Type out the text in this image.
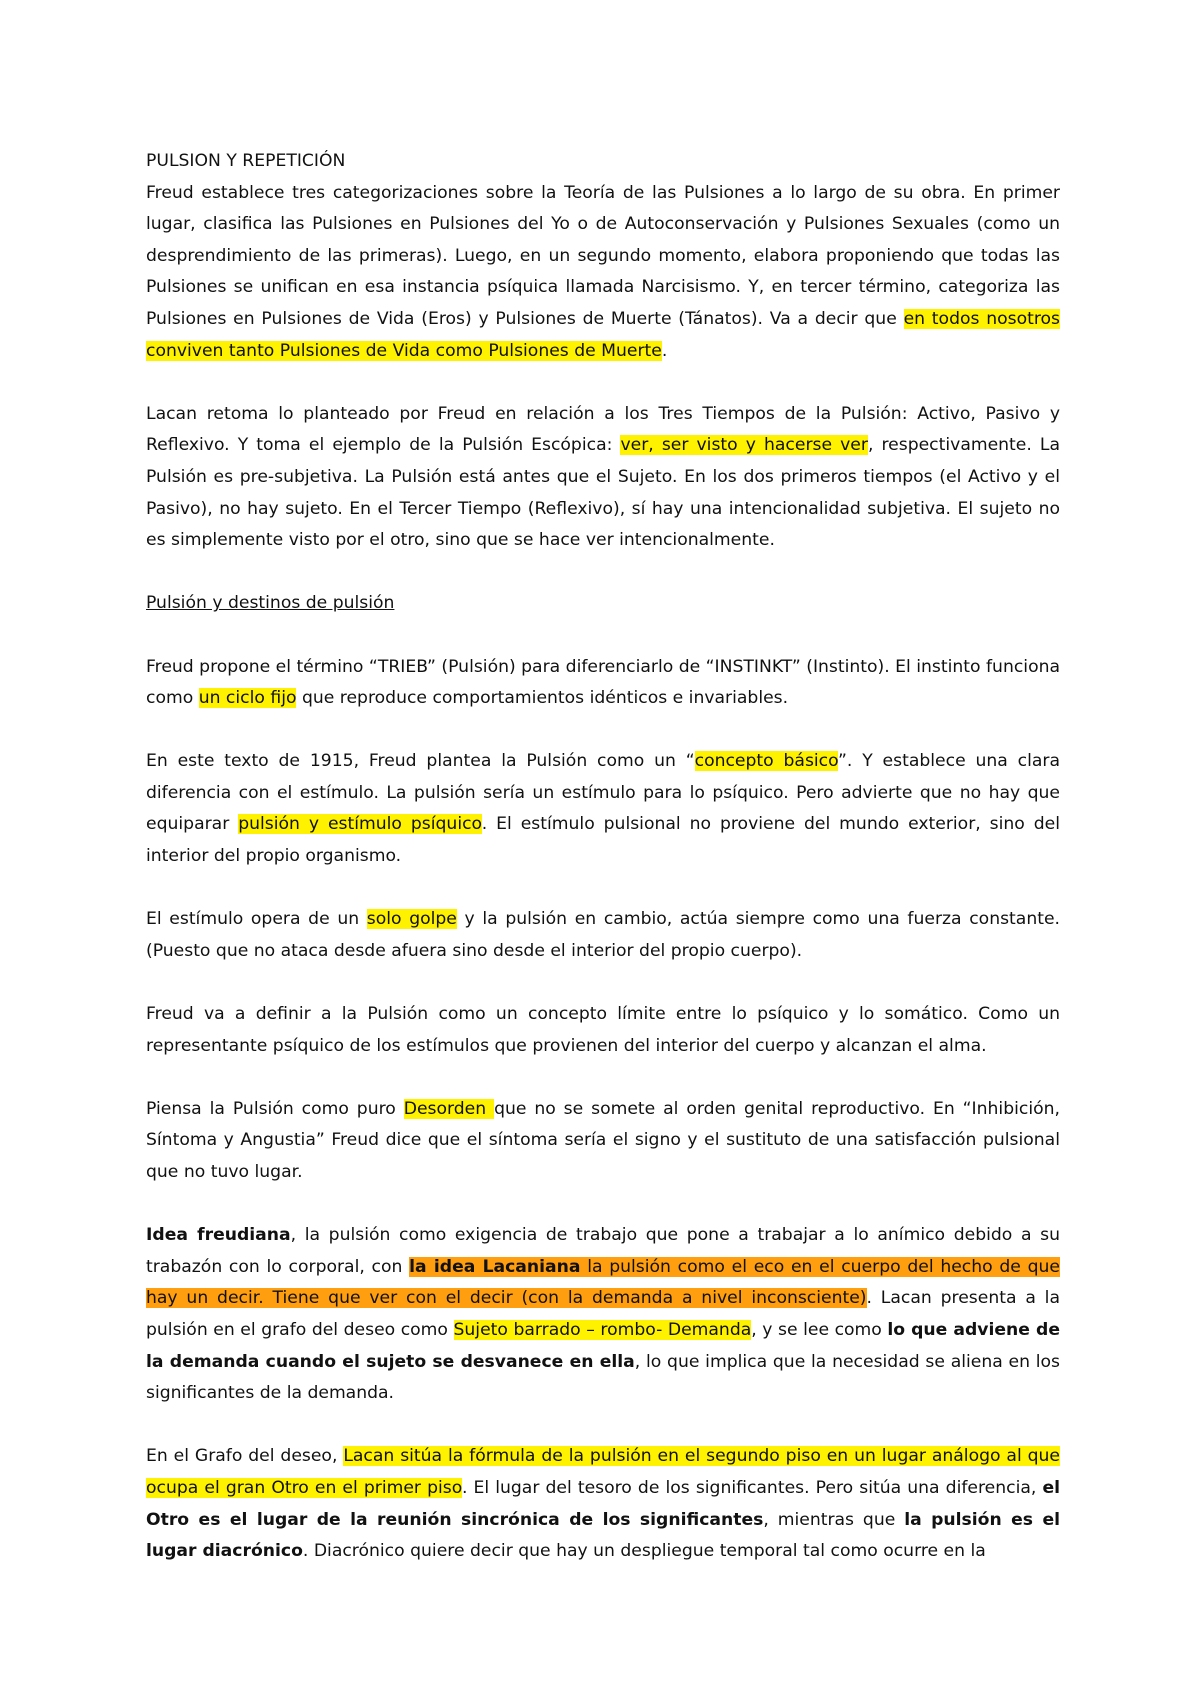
PULSION Y REPETICIÓN

Freud establece tres categorizaciones sobre la Teoría de las Pulsiones a lo largo de su obra. En primer lugar, clasifica las Pulsiones en Pulsiones del Yo o de Autoconservación y Pulsiones Sexuales (como un desprendimiento de las primeras). Luego, en un segundo momento, elabora proponiendo que todas las Pulsiones se unifican en esa instancia psíquica llamada Narcisismo. Y, en tercer término, categoriza las Pulsiones en Pulsiones de Vida (Eros) y Pulsiones de Muerte (Tánatos). Va a decir que en todos nosotros conviven tanto Pulsiones de Vida como Pulsiones de Muerte.

Lacan retoma lo planteado por Freud en relación a los Tres Tiempos de la Pulsión: Activo, Pasivo y Reflexivo. Y toma el ejemplo de la Pulsión Escópica: ver, ser visto y hacerse ver, respectivamente. La Pulsión es pre-subjetiva. La Pulsión está antes que el Sujeto. En los dos primeros tiempos (el Activo y el Pasivo), no hay sujeto. En el Tercer Tiempo (Reflexivo), sí hay una intencionalidad subjetiva. El sujeto no es simplemente visto por el otro, sino que se hace ver intencionalmente.

Pulsión y destinos de pulsión

Freud propone el término “TRIEB” (Pulsión) para diferenciarlo de “INSTINKT” (Instinto). El instinto funciona como un ciclo fijo que reproduce comportamientos idénticos e invariables.

En este texto de 1915, Freud plantea la Pulsión como un “concepto básico”. Y establece una clara diferencia con el estímulo. La pulsión sería un estímulo para lo psíquico. Pero advierte que no hay que equiparar pulsión y estímulo psíquico. El estímulo pulsional no proviene del mundo exterior, sino del interior del propio organismo.

El estímulo opera de un solo golpe y la pulsión en cambio, actúa siempre como una fuerza constante. (Puesto que no ataca desde afuera sino desde el interior del propio cuerpo).

Freud va a definir a la Pulsión como un concepto límite entre lo psíquico y lo somático. Como un representante psíquico de los estímulos que provienen del interior del cuerpo y alcanzan el alma.

Piensa la Pulsión como puro Desorden que no se somete al orden genital reproductivo. En “Inhibición, Síntoma y Angustia” Freud dice que el síntoma sería el signo y el sustituto de una satisfacción pulsional que no tuvo lugar.

Idea freudiana, la pulsión como exigencia de trabajo que pone a trabajar a lo anímico debido a su trabazón con lo corporal, con la idea Lacaniana la pulsión como el eco en el cuerpo del hecho de que hay un decir. Tiene que ver con el decir (con la demanda a nivel inconsciente). Lacan presenta a la pulsión en el grafo del deseo como Sujeto barrado – rombo- Demanda, y se lee como lo que adviene de la demanda cuando el sujeto se desvanece en ella, lo que implica que la necesidad se aliena en los significantes de la demanda.

En el Grafo del deseo, Lacan sitúa la fórmula de la pulsión en el segundo piso en un lugar análogo al que ocupa el gran Otro en el primer piso. El lugar del tesoro de los significantes. Pero sitúa una diferencia, el Otro es el lugar de la reunión sincrónica de los significantes, mientras que la pulsión es el lugar diacrónico. Diacrónico quiere decir que hay un despliegue temporal tal como ocurre en la
